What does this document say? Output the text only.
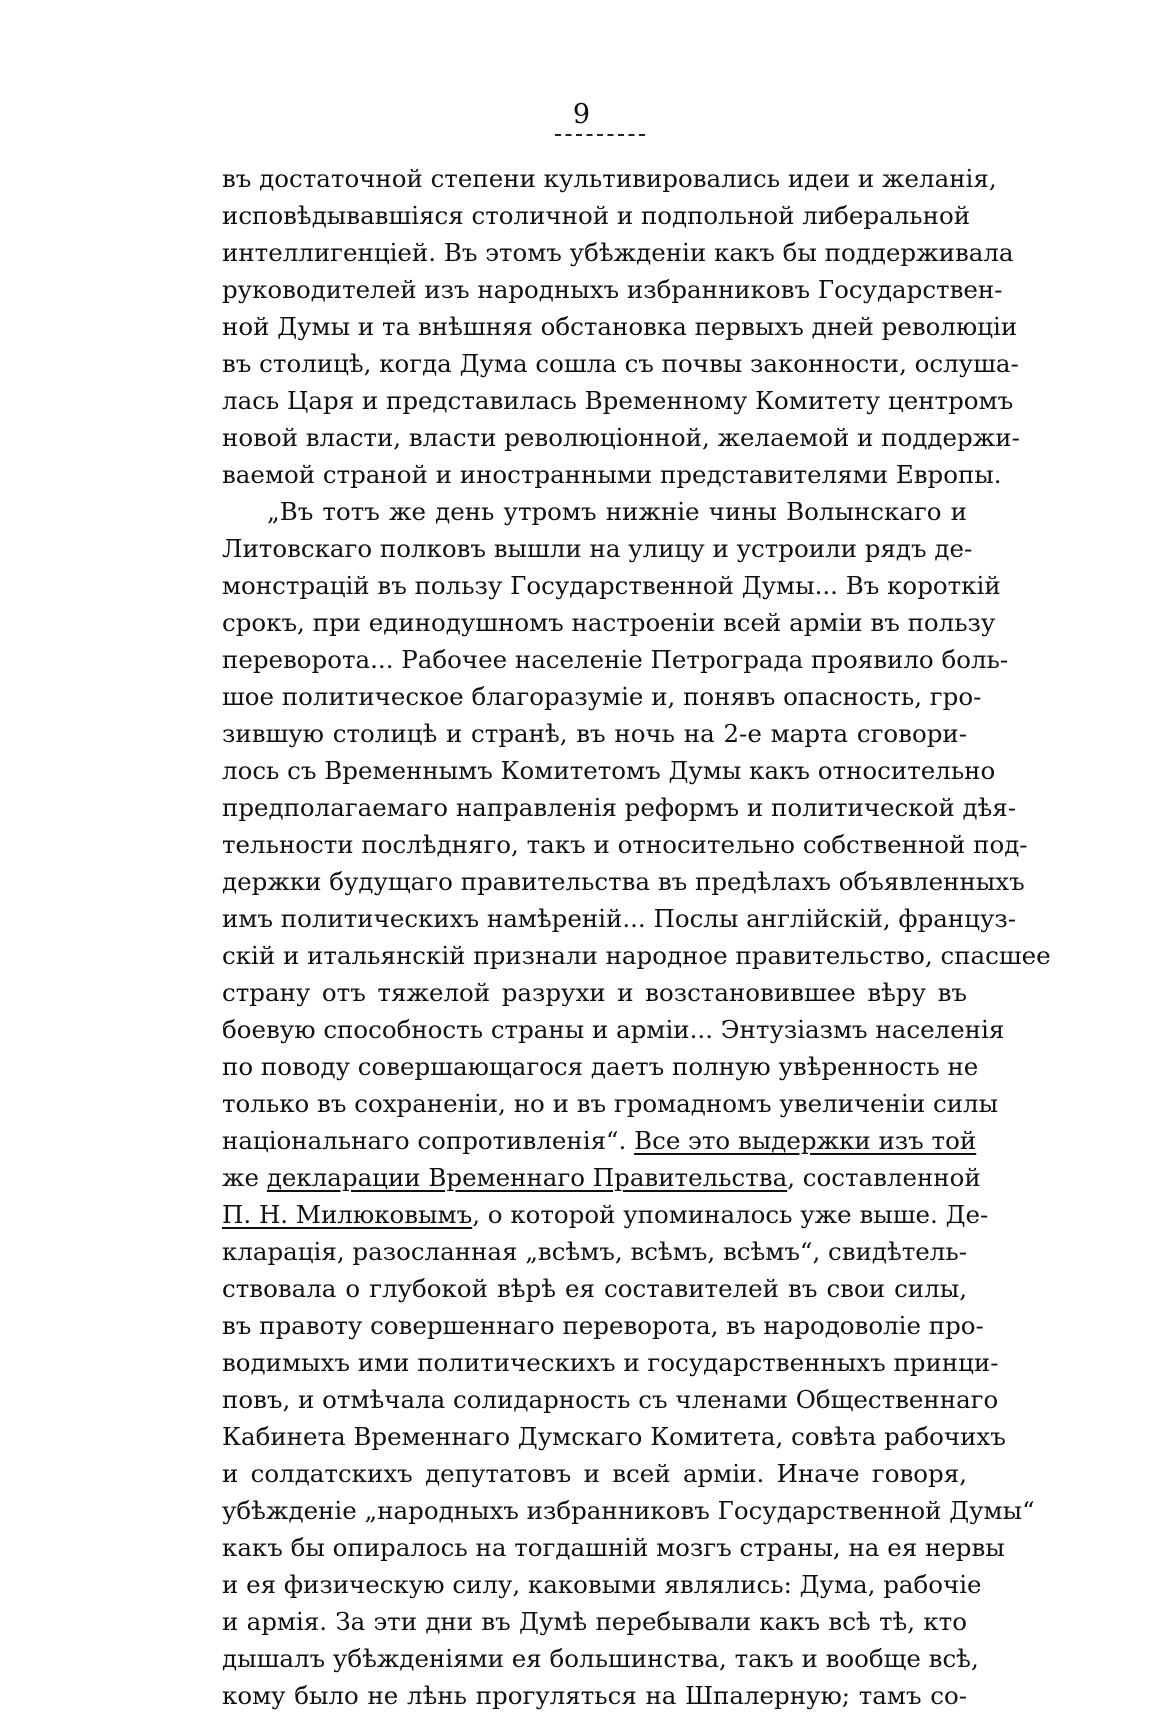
9
въ достаточной степени культивировались идеи и желанія,
исповѣдывавшіяся столичной и подпольной либеральной
интеллигенціей. Въ этомъ убѣжденіи какъ бы поддерживала
руководителей изъ народныхъ избранниковъ Государствен-
ной Думы и та внѣшняя обстановка первыхъ дней революціи
въ столицѣ, когда Дума сошла съ почвы законности, ослуша-
лась Царя и представилась Временному Комитету центромъ
новой власти, власти революціонной, желаемой и поддержи-
ваемой страной и иностранными представителями Европы.
„Въ тотъ же день утромъ нижніе чины Волынскаго и
Литовскаго полковъ вышли на улицу и устроили рядъ де-
монстрацій въ пользу Государственной Думы... Въ короткій
срокъ, при единодушномъ настроеніи всей арміи въ пользу
переворота... Рабочее населеніе Петрограда проявило боль-
шое политическое благоразуміе и, понявъ опасность, гро-
зившую столицѣ и странѣ, въ ночь на 2-е марта сговори-
лось съ Временнымъ Комитетомъ Думы какъ относительно
предполагаемаго направленія реформъ и политической дѣя-
тельности послѣдняго, такъ и относительно собственной под-
держки будущаго правительства въ предѣлахъ объявленныхъ
имъ политическихъ намѣреній... Послы англійскій, француз-
скій и итальянскій признали народное правительство, спасшее
страну отъ тяжелой разрухи и возстановившее вѣру въ
боевую способность страны и арміи... Энтузіазмъ населенія
по поводу совершающагося даетъ полную увѣренность не
только въ сохраненіи, но и въ громадномъ увеличеніи силы
національнаго сопротивленія“. Все это выдержки изъ той
же декларации Временнаго Правительства, составленной
П. Н. Милюковымъ, о которой упоминалось уже выше. Де-
кларація, разосланная „всѣмъ, всѣмъ, всѣмъ“, свидѣтель-
ствовала о глубокой вѣрѣ ея составителей въ свои силы,
въ правоту совершеннаго переворота, въ народоволіе про-
водимыхъ ими политическихъ и государственныхъ принци-
повъ, и отмѣчала солидарность съ членами Общественнаго
Кабинета Временнаго Думскаго Комитета, совѣта рабочихъ
и солдатскихъ депутатовъ и всей арміи. Иначе говоря,
убѣжденіе „народныхъ избранниковъ Государственной Думы“
какъ бы опиралось на тогдашній мозгъ страны, на ея нервы
и ея физическую силу, каковыми являлись: Дума, рабочіе
и армія. За эти дни въ Думѣ перебывали какъ всѣ тѣ, кто
дышалъ убѣжденіями ея большинства, такъ и вообще всѣ,
кому было не лѣнь прогуляться на Шпалерную; тамъ со-
